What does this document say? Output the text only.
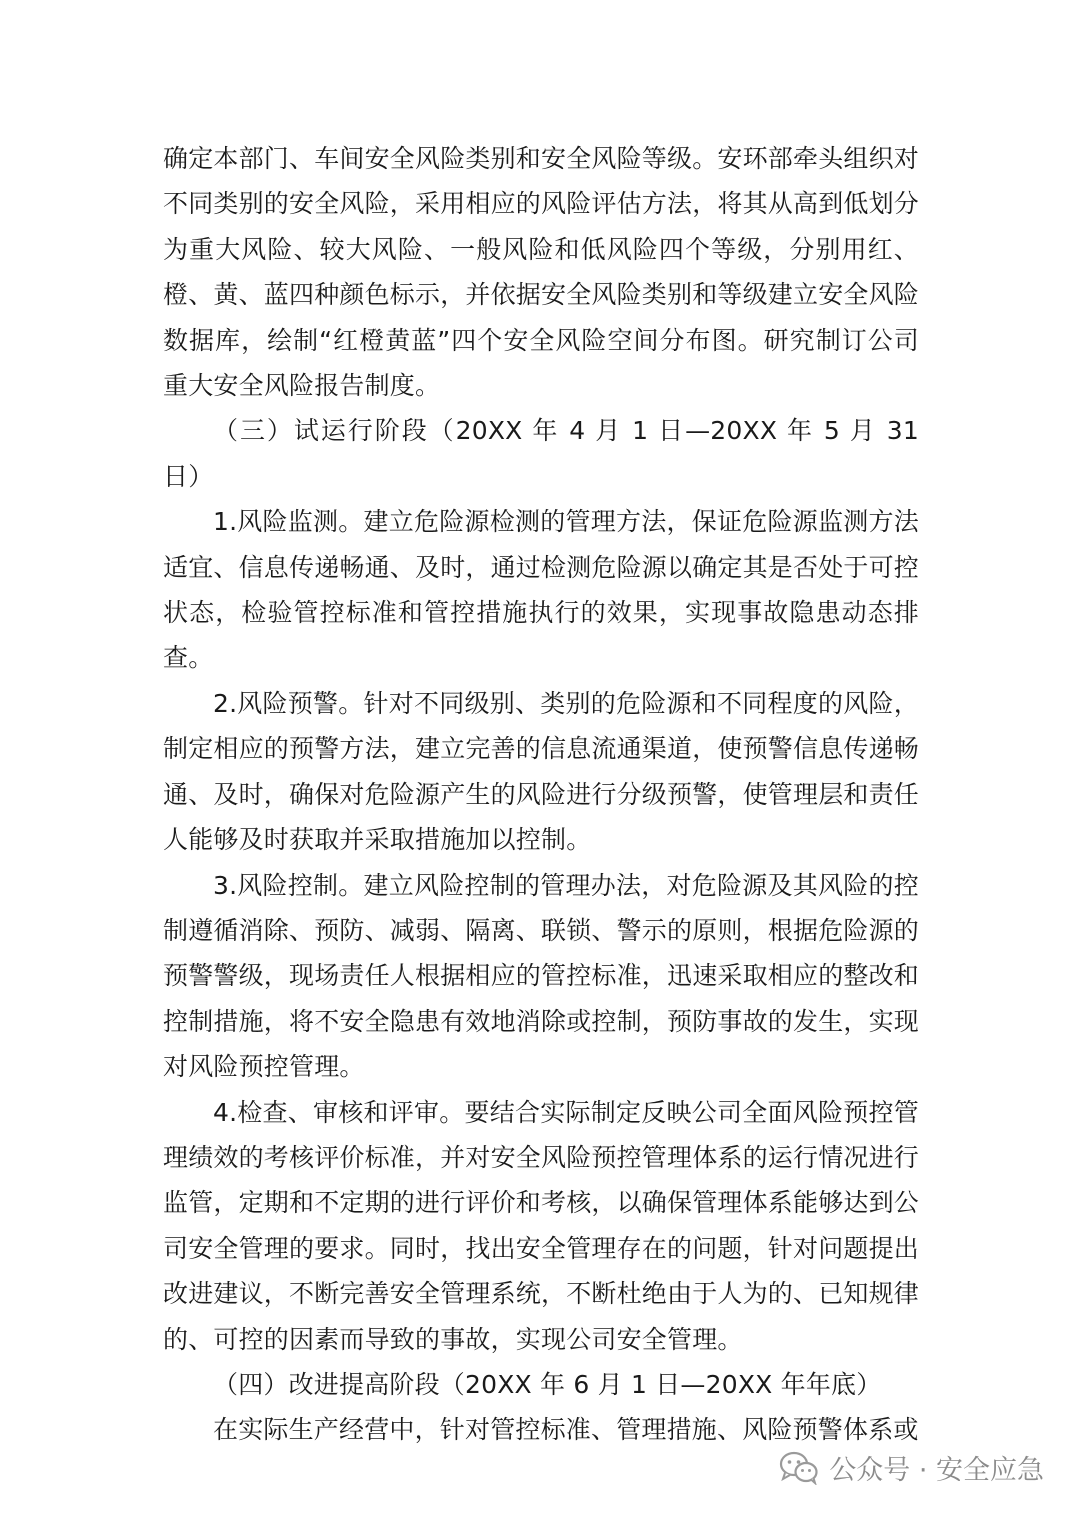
确定本部门、车间安全风险类别和安全风险等级。安环部牵头组织对不同类别的安全风险，采用相应的风险评估方法，将其从高到低划分为重大风险、较大风险、一般风险和低风险四个等级，分别用红、橙、黄、蓝四种颜色标示，并依据安全风险类别和等级建立安全风险数据库，绘制“红橙黄蓝”四个安全风险空间分布图。研究制订公司重大安全风险报告制度。

（三）试运行阶段（20XX 年 4 月 1 日—20XX 年 5 月 31 日）

1.风险监测。建立危险源检测的管理方法，保证危险源监测方法适宜、信息传递畅通、及时，通过检测危险源以确定其是否处于可控状态，检验管控标准和管控措施执行的效果，实现事故隐患动态排查。

2.风险预警。针对不同级别、类别的危险源和不同程度的风险，制定相应的预警方法，建立完善的信息流通渠道，使预警信息传递畅通、及时，确保对危险源产生的风险进行分级预警，使管理层和责任人能够及时获取并采取措施加以控制。

3.风险控制。建立风险控制的管理办法，对危险源及其风险的控制遵循消除、预防、减弱、隔离、联锁、警示的原则，根据危险源的预警警级，现场责任人根据相应的管控标准，迅速采取相应的整改和控制措施，将不安全隐患有效地消除或控制，预防事故的发生，实现对风险预控管理。

4.检查、审核和评审。要结合实际制定反映公司全面风险预控管理绩效的考核评价标准，并对安全风险预控管理体系的运行情况进行监管，定期和不定期的进行评价和考核，以确保管理体系能够达到公司安全管理的要求。同时，找出安全管理存在的问题，针对问题提出改进建议，不断完善安全管理系统，不断杜绝由于人为的、已知规律的、可控的因素而导致的事故，实现公司安全管理。

（四）改进提高阶段（20XX 年 6 月 1 日—20XX 年年底）

在实际生产经营中，针对管控标准、管理措施、风险预警体系或

公众号 · 安全应急
